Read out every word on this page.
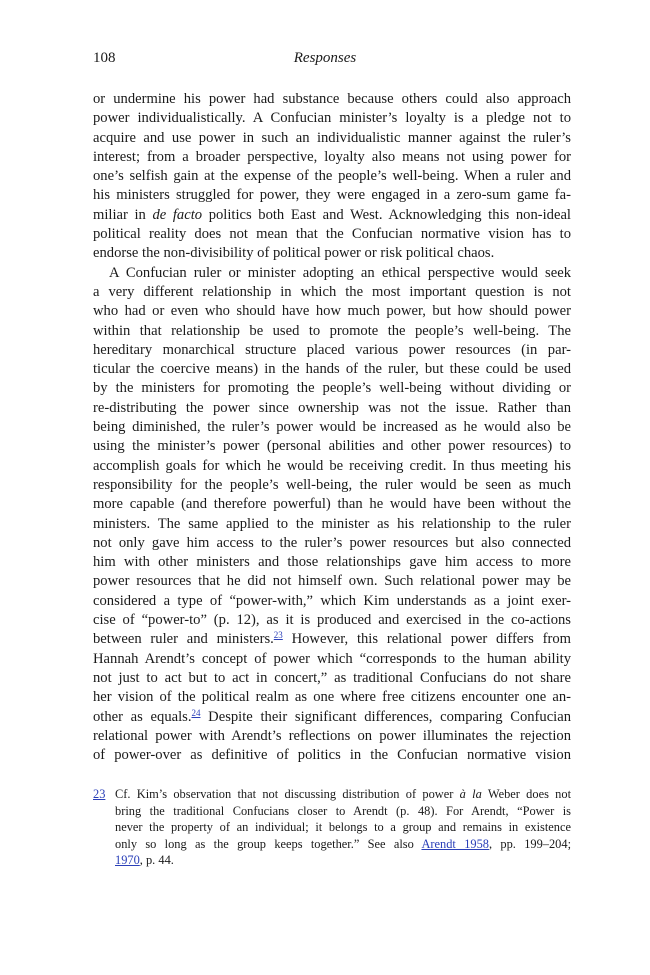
108	Responses
or undermine his power had substance because others could also approach
power individualistically. A Confucian minister’s loyalty is a pledge not to
acquire and use power in such an individualistic manner against the ruler’s
interest; from a broader perspective, loyalty also means not using power for
one’s selfish gain at the expense of the people’s well-being. When a ruler and
his ministers struggled for power, they were engaged in a zero-sum game fa-
miliar in de facto politics both East and West. Acknowledging this non-ideal
political reality does not mean that the Confucian normative vision has to
endorse the non-divisibility of political power or risk political chaos.
A Confucian ruler or minister adopting an ethical perspective would seek
a very different relationship in which the most important question is not
who had or even who should have how much power, but how should power
within that relationship be used to promote the people’s well-being. The
hereditary monarchical structure placed various power resources (in par-
ticular the coercive means) in the hands of the ruler, but these could be used
by the ministers for promoting the people’s well-being without dividing or
re-distributing the power since ownership was not the issue. Rather than
being diminished, the ruler’s power would be increased as he would also be
using the minister’s power (personal abilities and other power resources) to
accomplish goals for which he would be receiving credit. In thus meeting his
responsibility for the people’s well-being, the ruler would be seen as much
more capable (and therefore powerful) than he would have been without the
ministers. The same applied to the minister as his relationship to the ruler
not only gave him access to the ruler’s power resources but also connected
him with other ministers and those relationships gave him access to more
power resources that he did not himself own. Such relational power may be
considered a type of “power-with,” which Kim understands as a joint exer-
cise of “power-to” (p. 12), as it is produced and exercised in the co-actions
between ruler and ministers.$^{23}$ However, this relational power differs from
Hannah Arendt’s concept of power which “corresponds to the human ability
not just to act but to act in concert,” as traditional Confucians do not share
her vision of the political realm as one where free citizens encounter one an-
other as equals.$^{24}$ Despite their significant differences, comparing Confucian
relational power with Arendt’s reflections on power illuminates the rejection
of power-over as definitive of politics in the Confucian normative vision
23 Cf. Kim’s observation that not discussing distribution of power à la Weber does not
bring the traditional Confucians closer to Arendt (p. 48). For Arendt, “Power is
never the property of an individual; it belongs to a group and remains in existence
only so long as the group keeps together.” See also Arendt 1958, pp. 199–204;
1970, p. 44.
